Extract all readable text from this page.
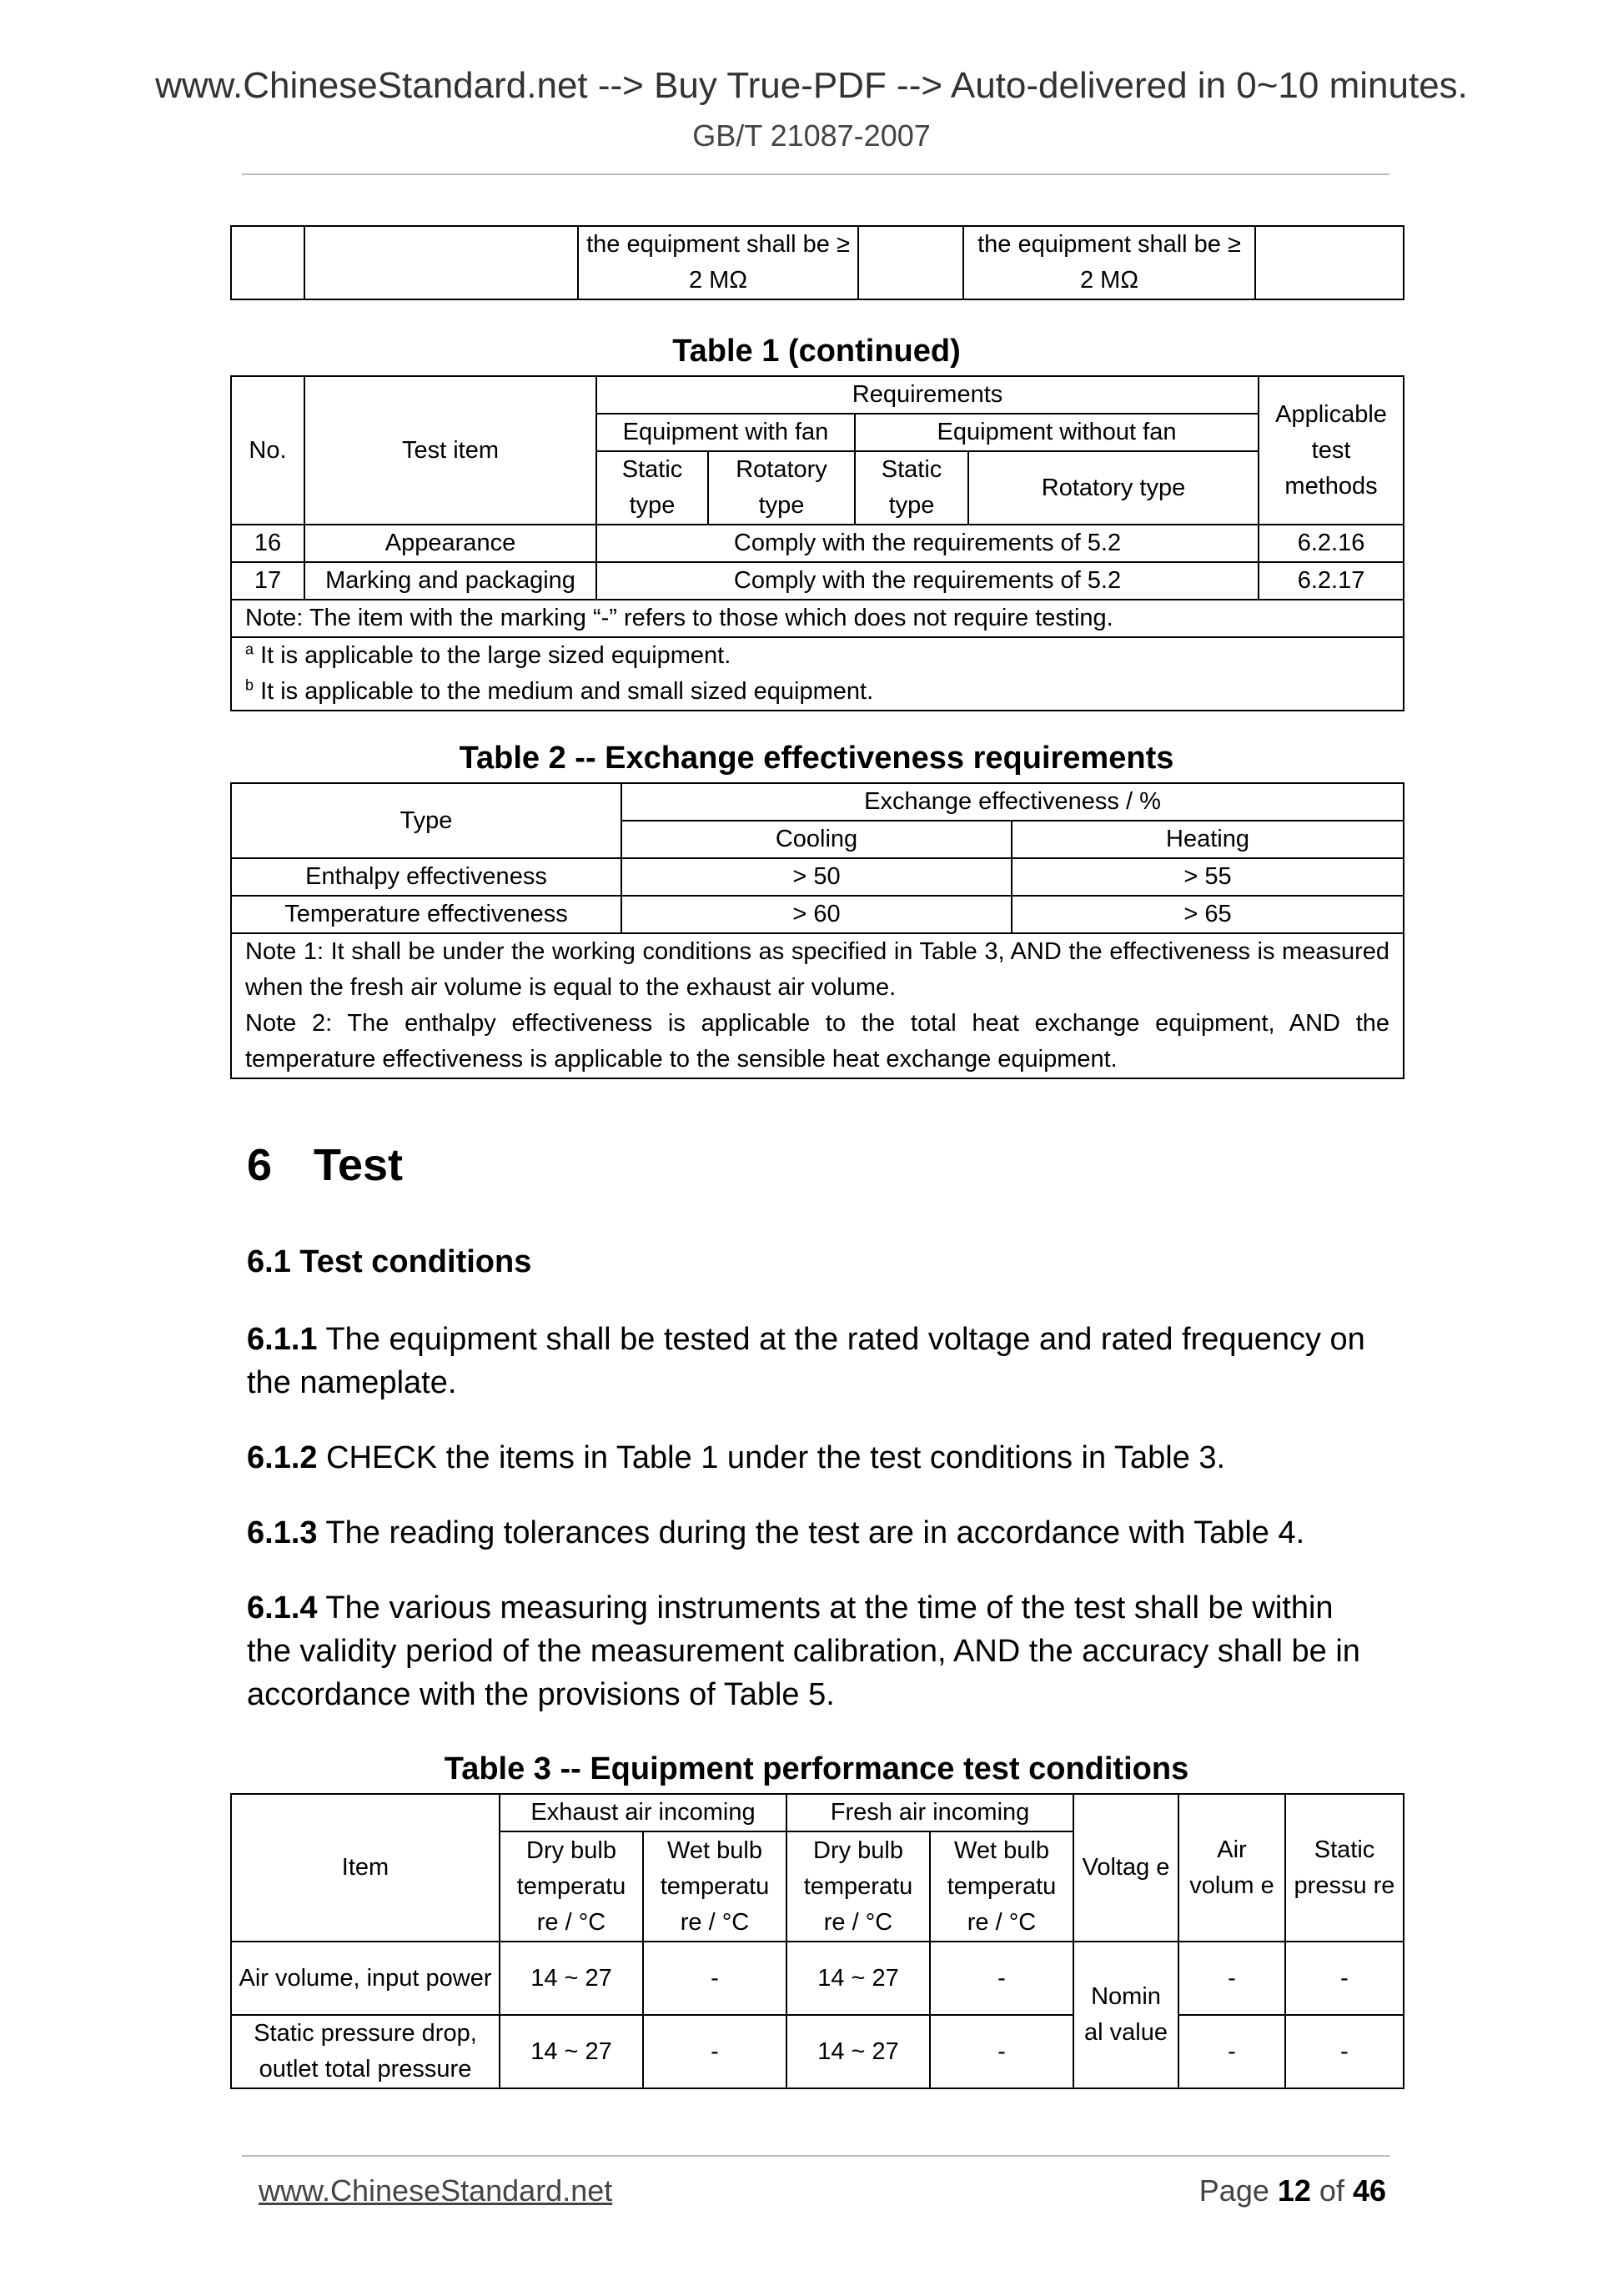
www.ChineseStandard.net --> Buy True-PDF --> Auto-delivered in 0~10 minutes.
GB/T 21087-2007
		the equipment shall be ≥ 2 MΩ		the equipment shall be ≥ 2 MΩ	
Table 1 (continued)
No.	Test item	Requirements				Applicable test methods
		Equipment with fan		Equipment without fan		
		Static type	Rotatory type	Static type	Rotatory type	

16	Appearance	Comply with the requirements of 5.2				6.2.16
17	Marking and packaging	Comply with the requirements of 5.2				6.2.17
Note: The item with the marking “-” refers to those which does not require testing.						

$^a$ It is applicable to the large sized equipment.
$^b$ It is applicable to the medium and small sized equipment.						
Table 2 -- Exchange effectiveness requirements
Type	Exchange effectiveness / %	
	Cooling	Heating
Enthalpy effectiveness	> 50	> 55
Temperature effectiveness	> 60	> 65

Note 1: It shall be under the working conditions as specified in Table 3, AND the effectiveness is measured when the fresh air volume is equal to the exhaust air volume.
Note 2: The enthalpy effectiveness is applicable to the total heat exchange equipment, AND the temperature effectiveness is applicable to the sensible heat exchange equipment.		
6 Test
6.1 Test conditions
6.1.1 The equipment shall be tested at the rated voltage and rated frequency on the nameplate.
6.1.2 CHECK the items in Table 1 under the test conditions in Table 3.
6.1.3 The reading tolerances during the test are in accordance with Table 4.
6.1.4 The various measuring instruments at the time of the test shall be within the validity period of the measurement calibration, AND the accuracy shall be in accordance with the provisions of Table 5.
Table 3 -- Equipment performance test conditions
Item	Exhaust air incoming		Fresh air incoming		Voltag e	Air volum e	Static pressu re
	Dry bulb temperatu re / °C	Wet bulb temperatu re / °C	Dry bulb temperatu re / °C	Wet bulb temperatu re / °C			
Air volume, input power	14 ~ 27	-	14 ~ 27	-	Nomin al value	-	-
Static pressure drop, outlet total pressure	14 ~ 27	-	14 ~ 27	-		-	-
www.ChineseStandard.net	Page 12 of 46
